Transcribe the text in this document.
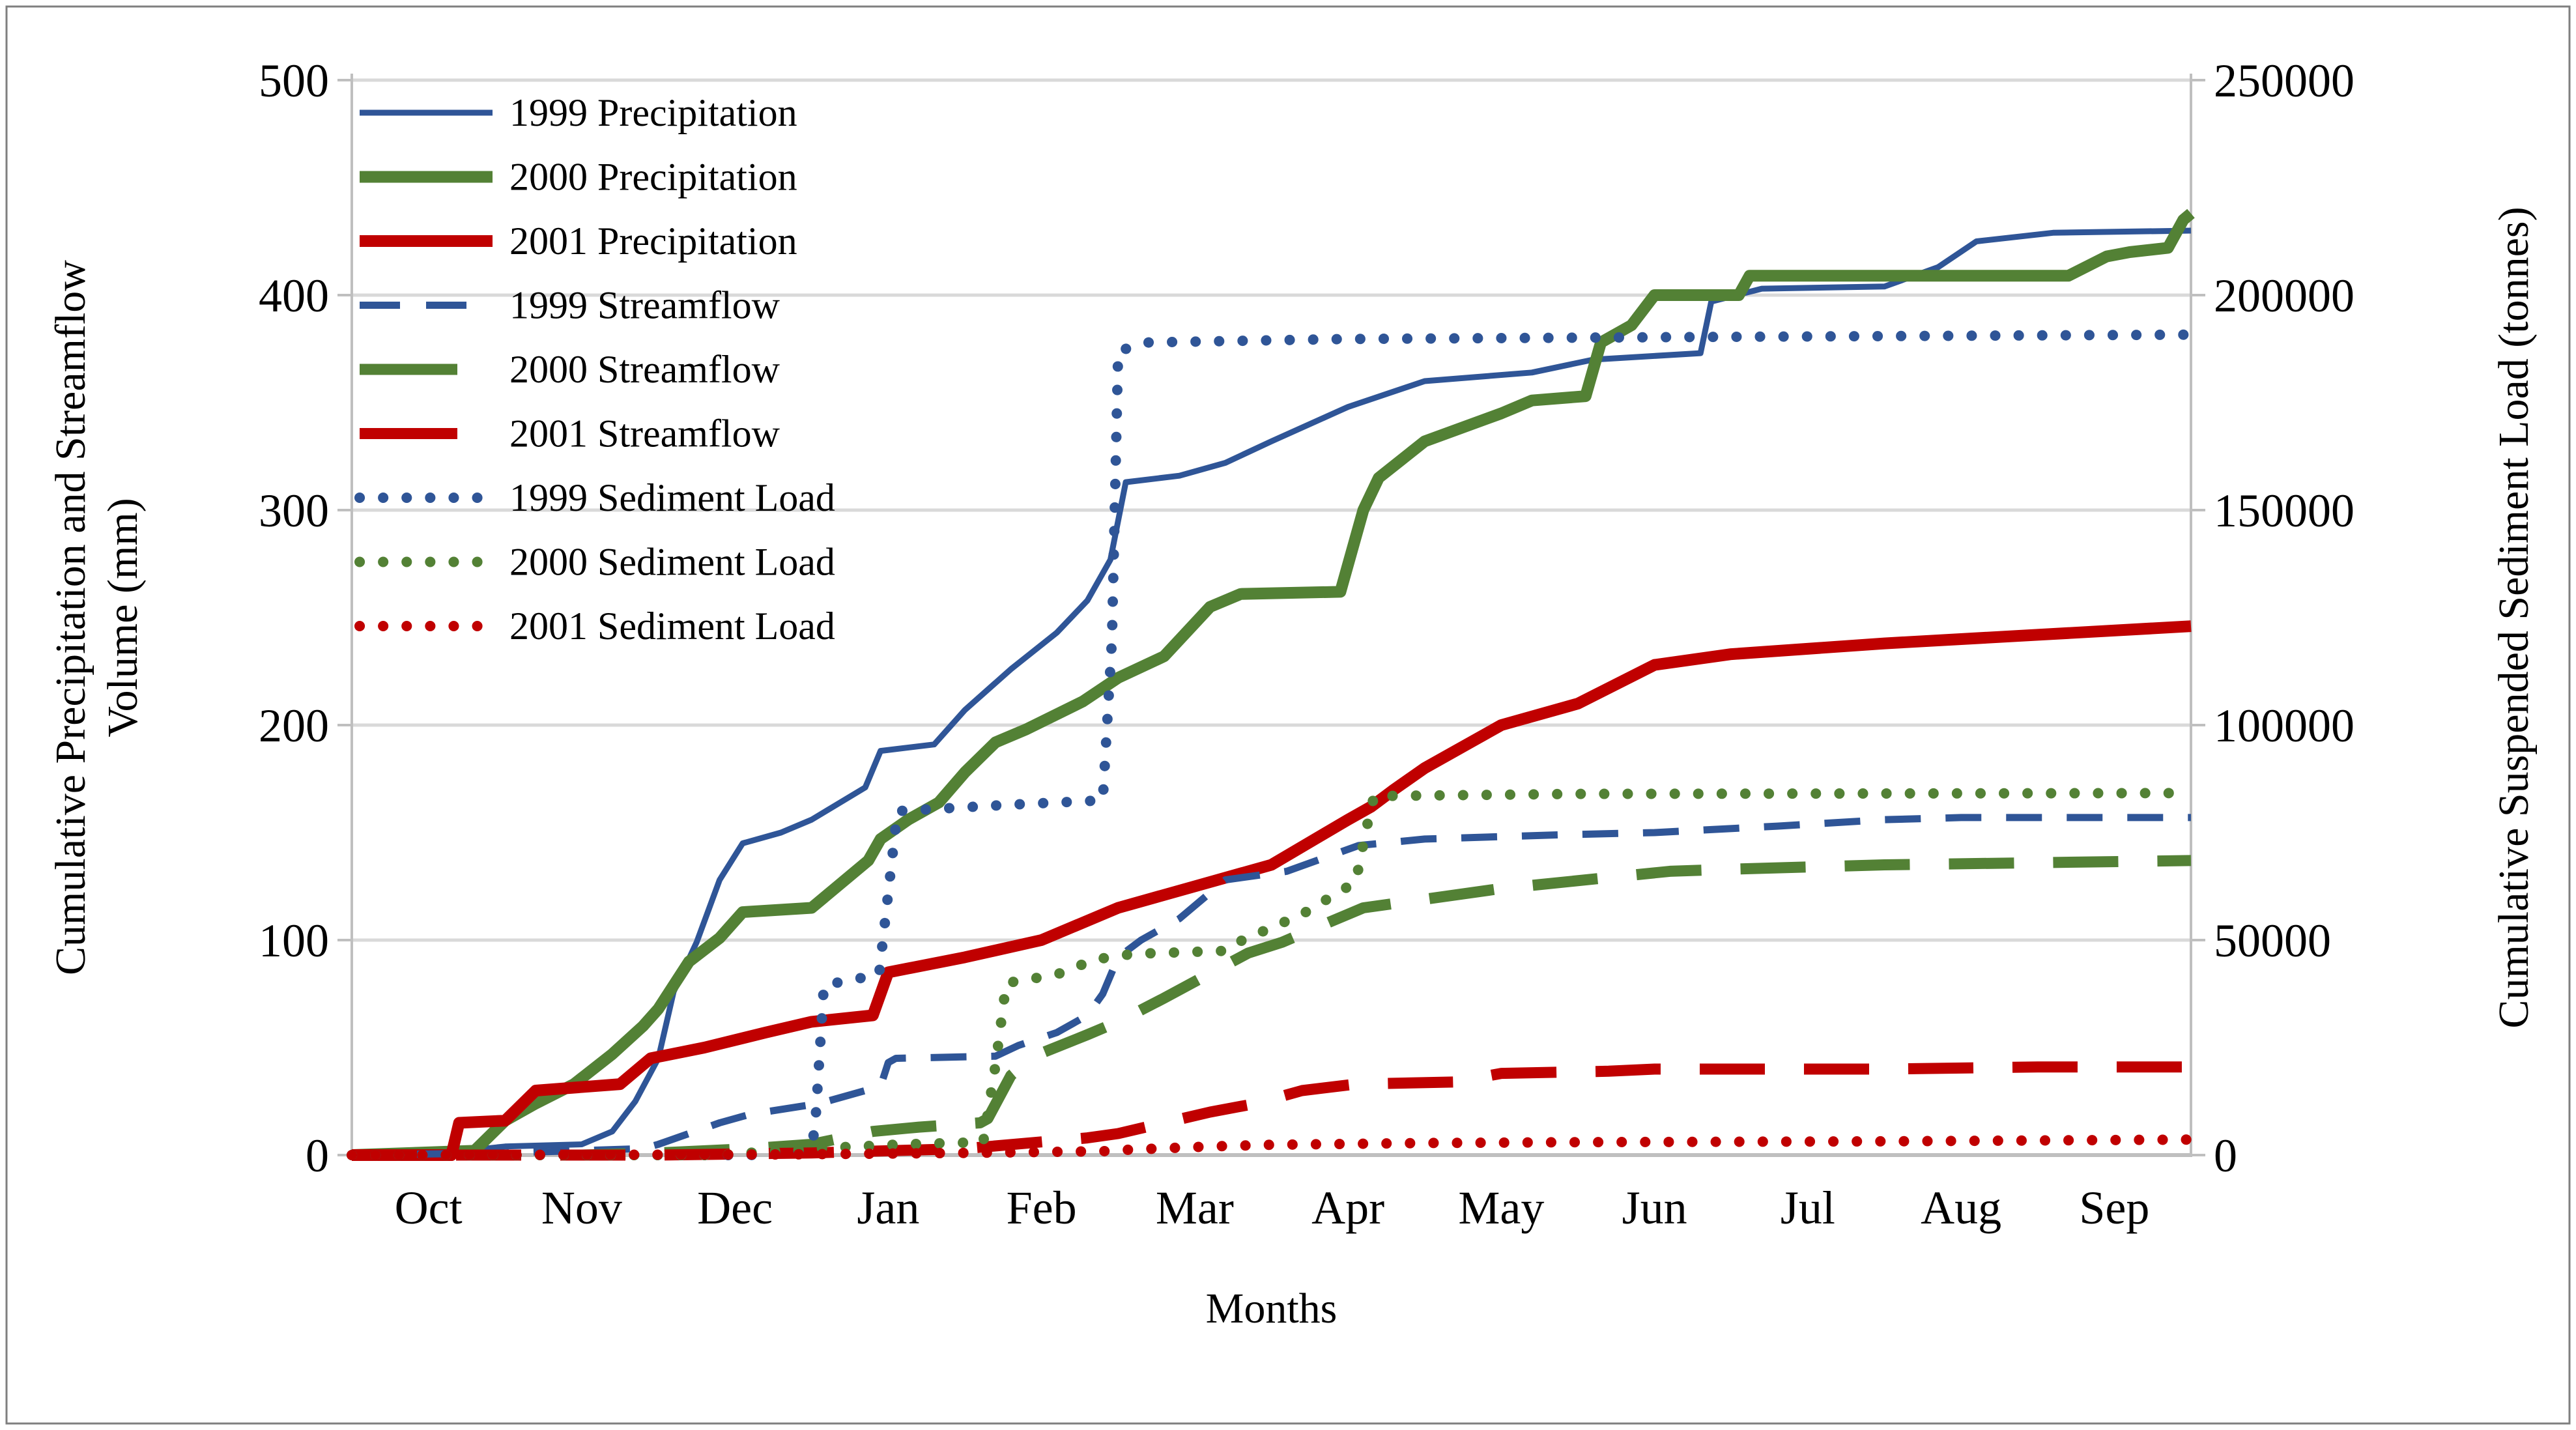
0
100
200
300
400
500
0
50000
100000
150000
200000
250000
Oct Nov Dec Jan Feb Mar Apr May Jun Jul Aug Sep
1999 Precipitation
2000 Precipitation
2001 Precipitation
1999 Streamflow
2000 Streamflow
2001 Streamflow
1999 Sediment Load
2000 Sediment Load
2001 Sediment Load
Months
Cumulative Precipitation and Streamflow Volume (mm)	Cumulative Suspended Sediment Load (tonnes)
